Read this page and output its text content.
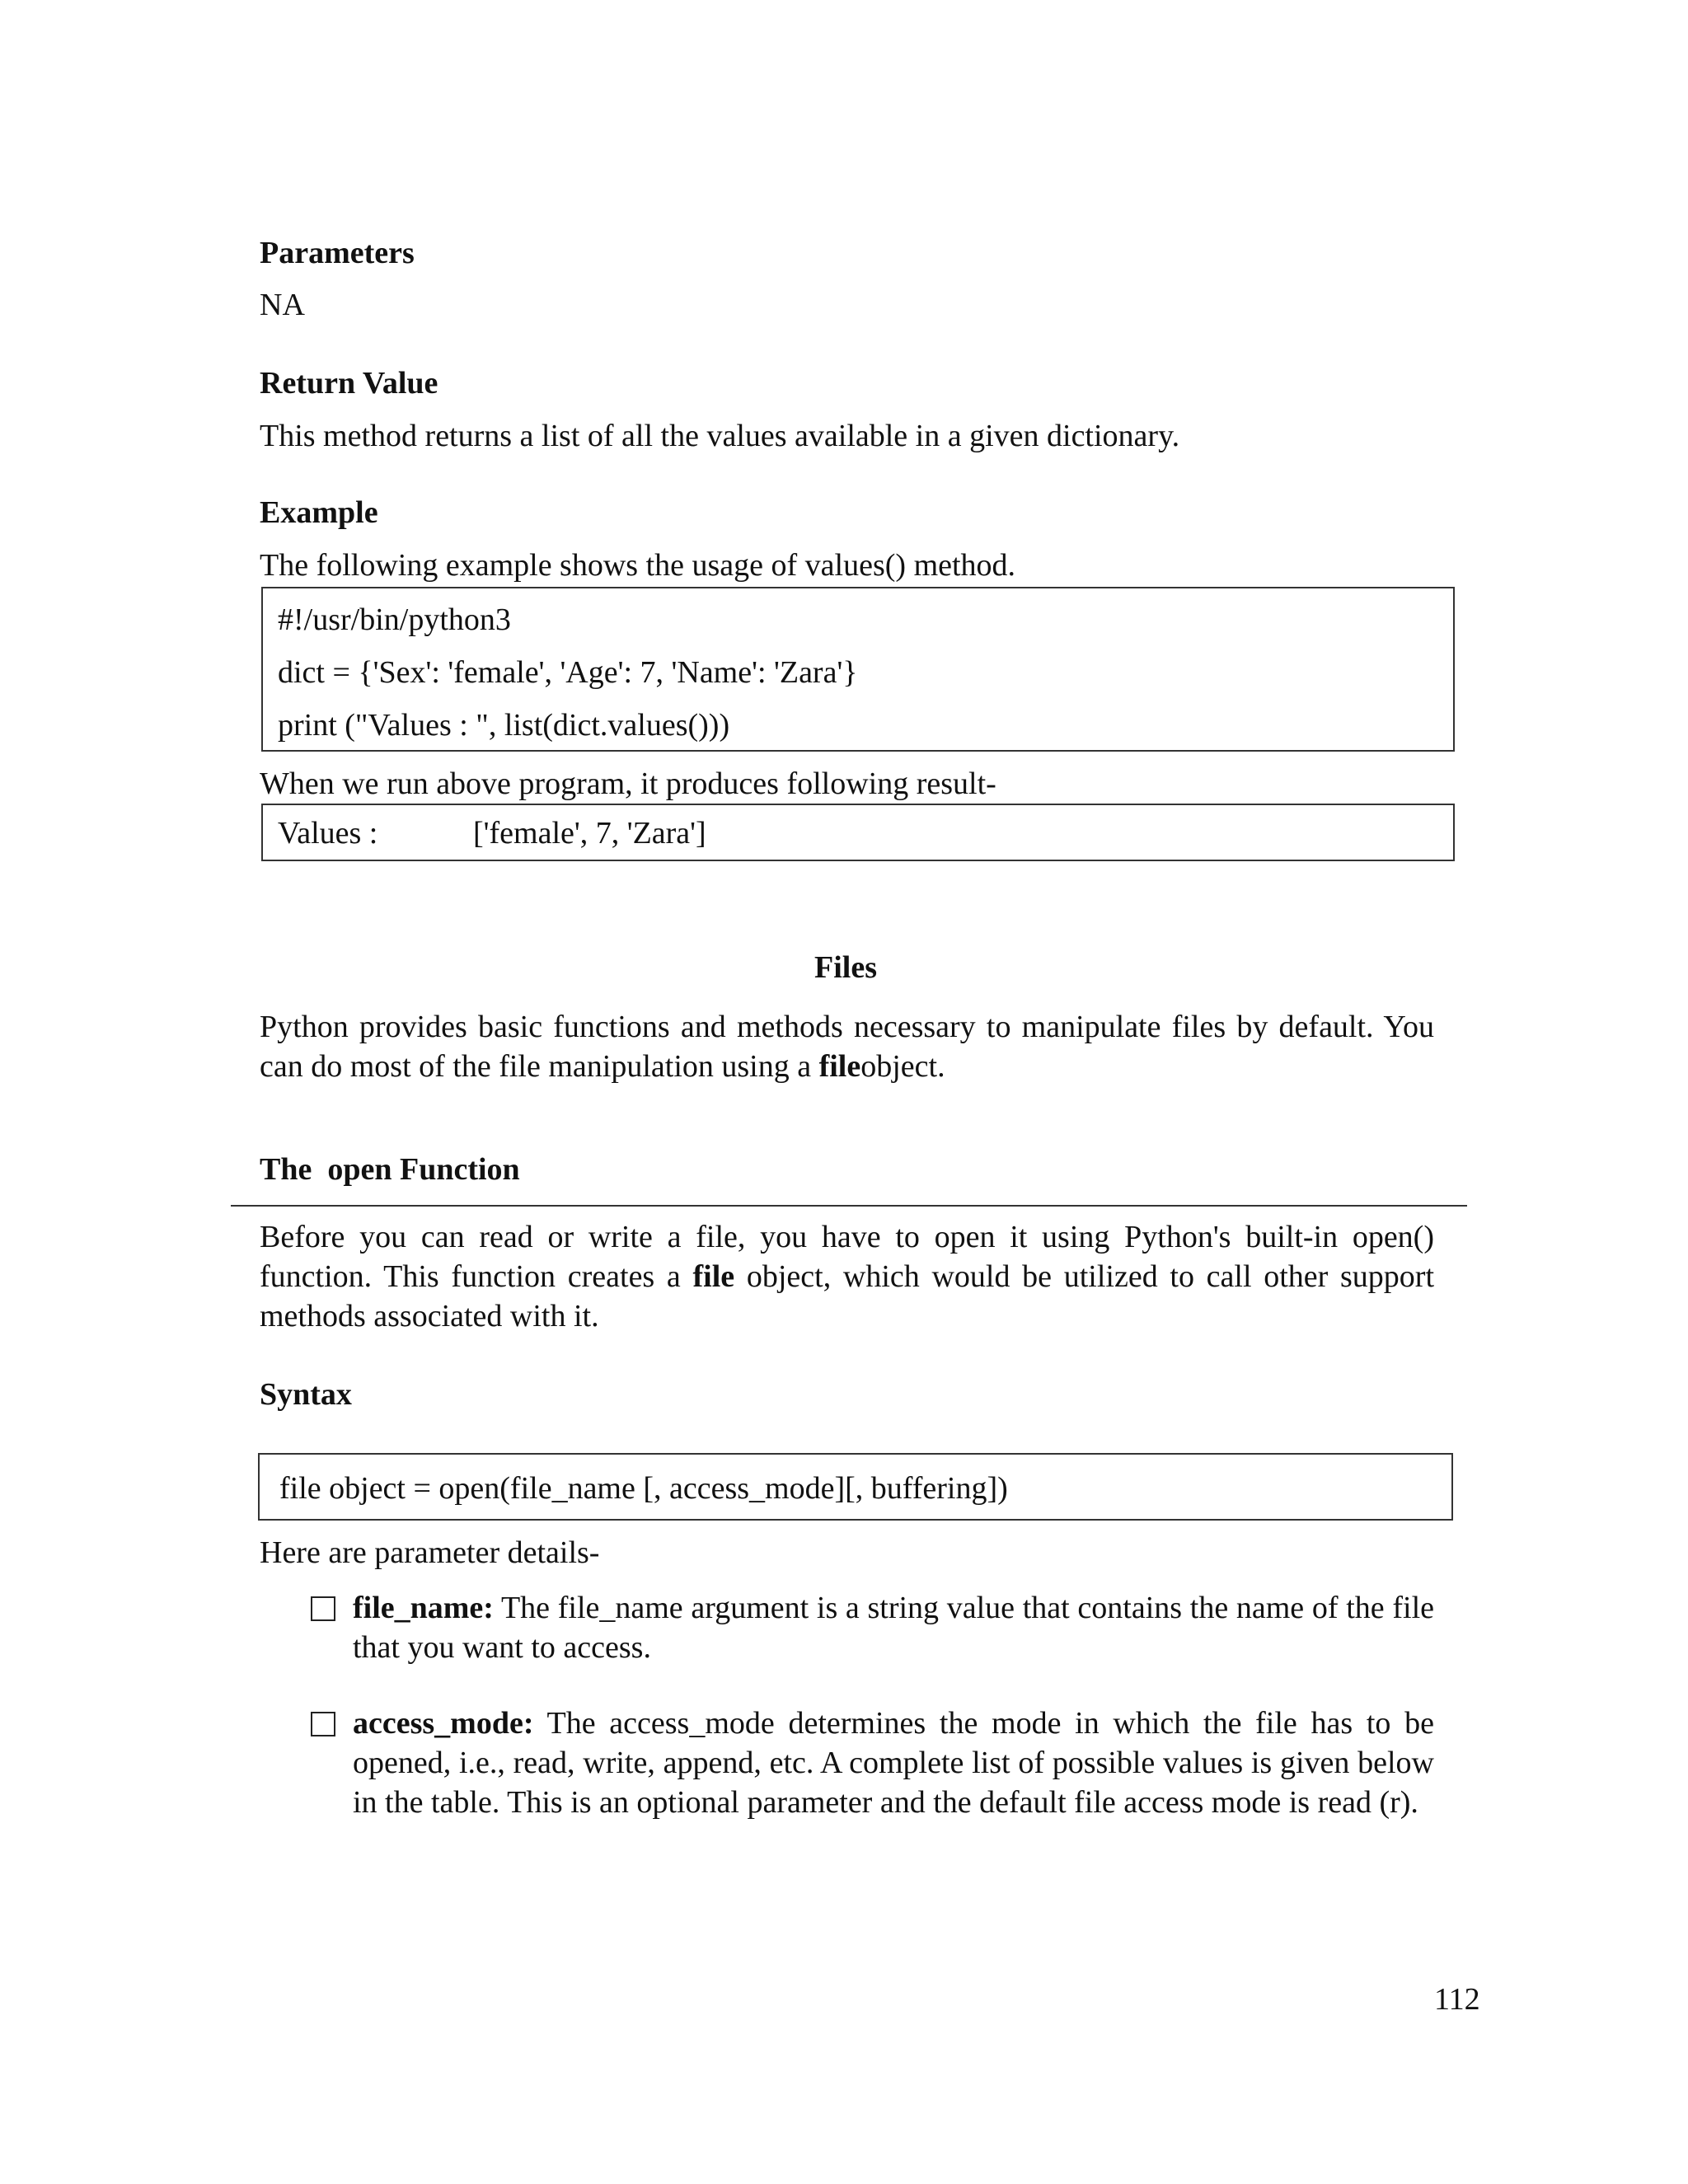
Parameters
NA
Return Value
This method returns a list of all the values available in a given dictionary.
Example
The following example shows the usage of values() method.
#!/usr/bin/python3
dict = {'Sex': 'female', 'Age': 7, 'Name': 'Zara'}
print ("Values : ", list(dict.values()))
When we run above program, it produces following result-
Values :	['female', 7, 'Zara']
Files
Python provides basic functions and methods necessary to manipulate files by default. You can do most of the file manipulation using a fileobject.
The  open Function
Before you can read or write a file, you have to open it using Python's built-in open() function. This function creates a file object, which would be utilized to call other support methods associated with it.
Syntax
file object = open(file_name [, access_mode][, buffering])
Here are parameter details-
file_name: The file_name argument is a string value that contains the name of the file that you want to access.
access_mode: The access_mode determines the mode in which the file has to be opened, i.e., read, write, append, etc. A complete list of possible values is given below in the table. This is an optional parameter and the default file access mode is read (r).
112
